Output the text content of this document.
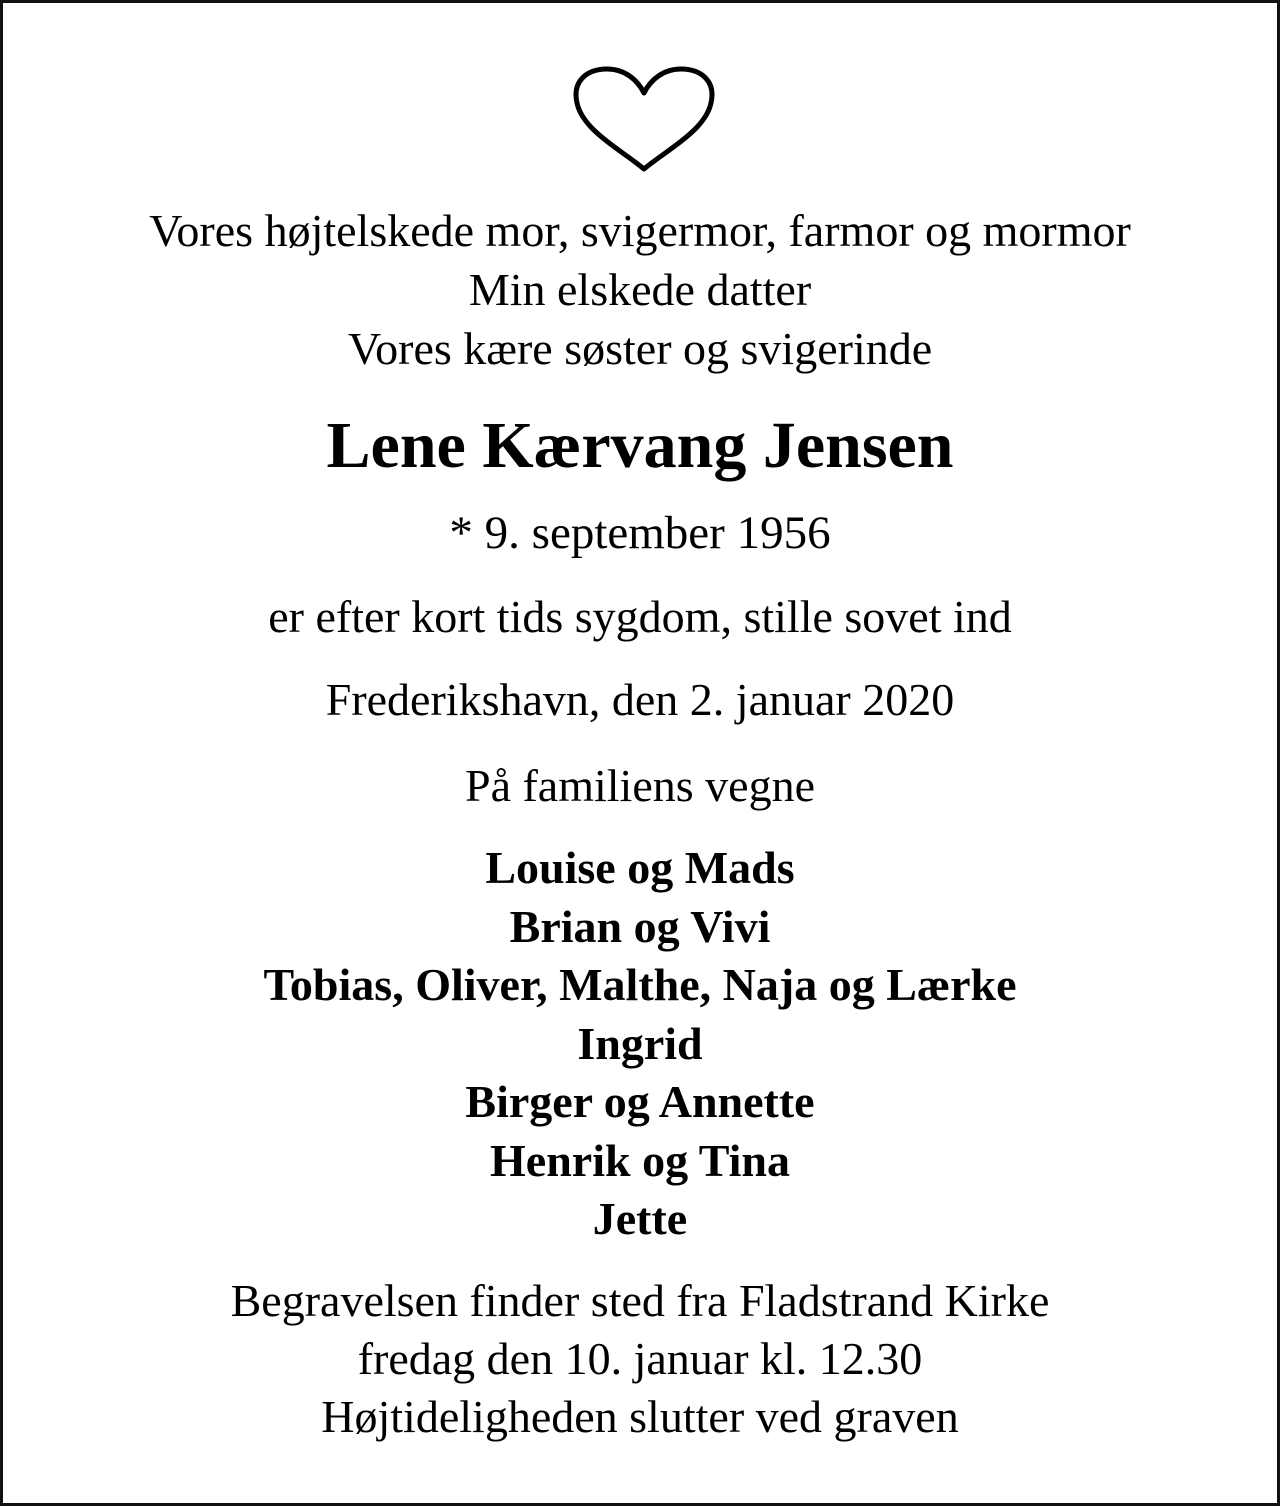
Vores højtelskede mor, svigermor, farmor og mormor
Min elskede datter
Vores kære søster og svigerinde
Lene Kærvang Jensen
* 9. september 1956
er efter kort tids sygdom, stille sovet ind
Frederikshavn, den 2. januar 2020
På familiens vegne
Louise og Mads
Brian og Vivi
Tobias, Oliver, Malthe, Naja og Lærke
Ingrid
Birger og Annette
Henrik og Tina
Jette
Begravelsen finder sted fra Fladstrand Kirke
fredag den 10. januar kl. 12.30
Højtideligheden slutter ved graven
